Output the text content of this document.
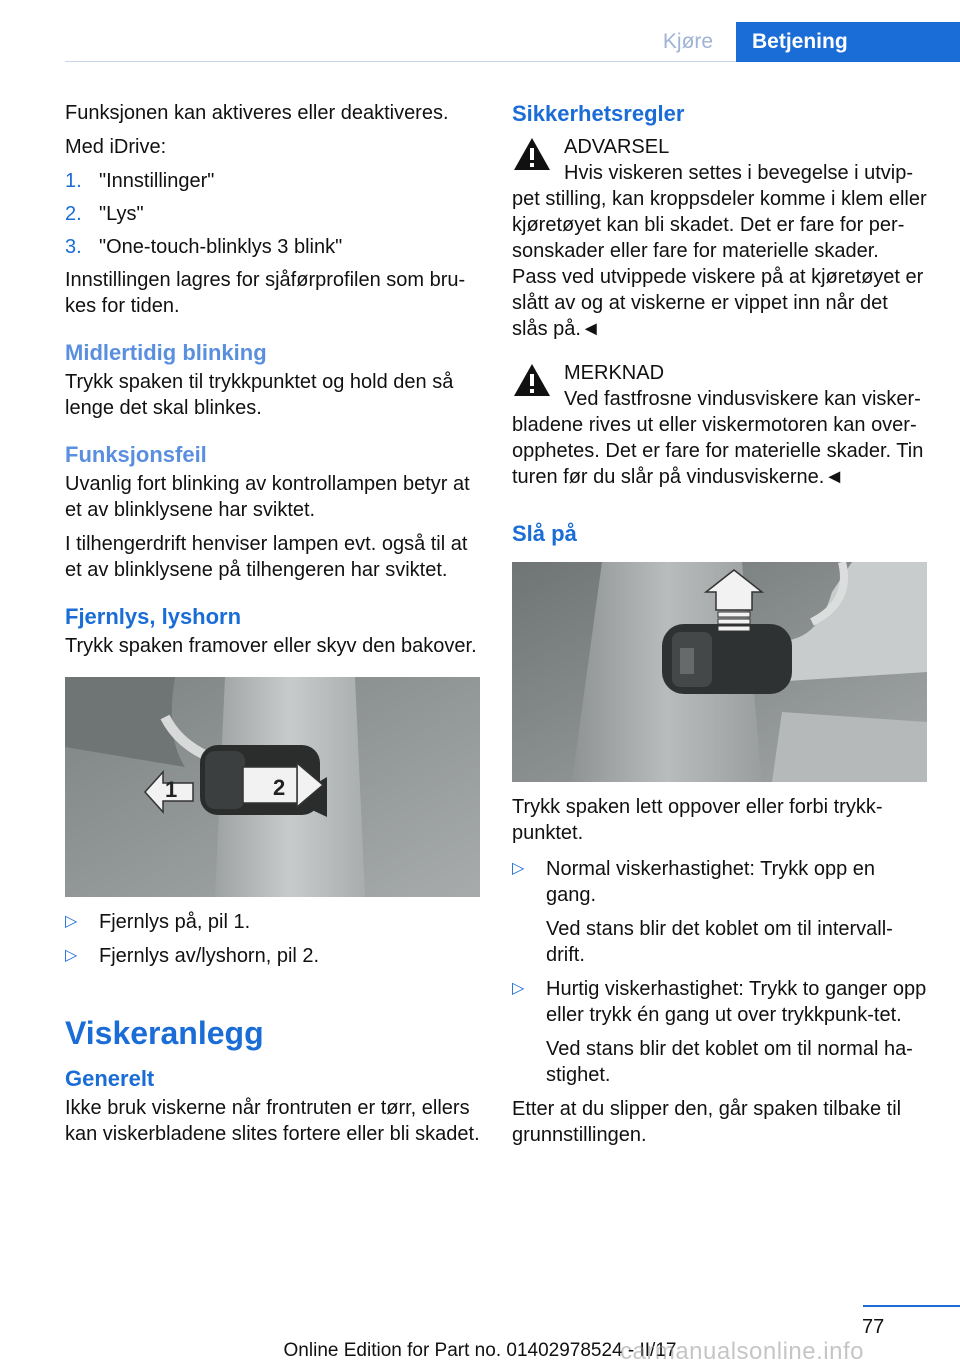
Kjøre	Betjening

Funksjonen kan aktiveres eller deaktiveres.

Med iDrive:

1. "Innstillinger"
2. "Lys"
3. "One-touch-blinklys 3 blink"

Innstillingen lagres for sjåførprofilen som bru-kes for tiden.

Midlertidig blinking

Trykk spaken til trykkpunktet og hold den så lenge det skal blinkes.

Funksjonsfeil

Uvanlig fort blinking av kontrollampen betyr at et av blinklysene har sviktet.

I tilhengerdrift henviser lampen evt. også til at et av blinklysene på tilhengeren har sviktet.

Fjernlys, lyshorn

Trykk spaken framover eller skyv den bakover.

1	2
▷ Fjernlys på, pil 1.
▷ Fjernlys av/lyshorn, pil 2.
Viskeranlegg
Generelt

Ikke bruk viskerne når frontruten er tørr, ellers kan viskerbladene slites fortere eller bli skadet.

Sikkerhetsregler
ADVARSEL
Hvis viskeren settes i bevegelse i utvip-pet stilling, kan kroppsdeler komme i klem eller kjøretøyet kan bli skadet. Det er fare for per-sonskader eller fare for materielle skader. Pass ved utvippede viskere på at kjøretøyet er slått av og at viskerne er vippet inn når det slås på.◄
MERKNAD
Ved fastfrosne vindusviskere kan visker-bladene rives ut eller viskermotoren kan over-opphetes. Det er fare for materielle skader. Tin turen før du slår på vindusviskerne.◄
Slå på

Trykk spaken lett oppover eller forbi trykk-punktet.

▷ Normal viskerhastighet: Trykk opp en gang.
Ved stans blir det koblet om til intervall-drift.
▷ Hurtig viskerhastighet: Trykk to ganger opp eller trykk én gang ut over trykkpunk-tet.
Ved stans blir det koblet om til normal ha-stighet.

Etter at du slipper den, går spaken tilbake til grunnstillingen.

77
Online Edition for Part no. 01402978524 - II/17
carmanualsonline.info
